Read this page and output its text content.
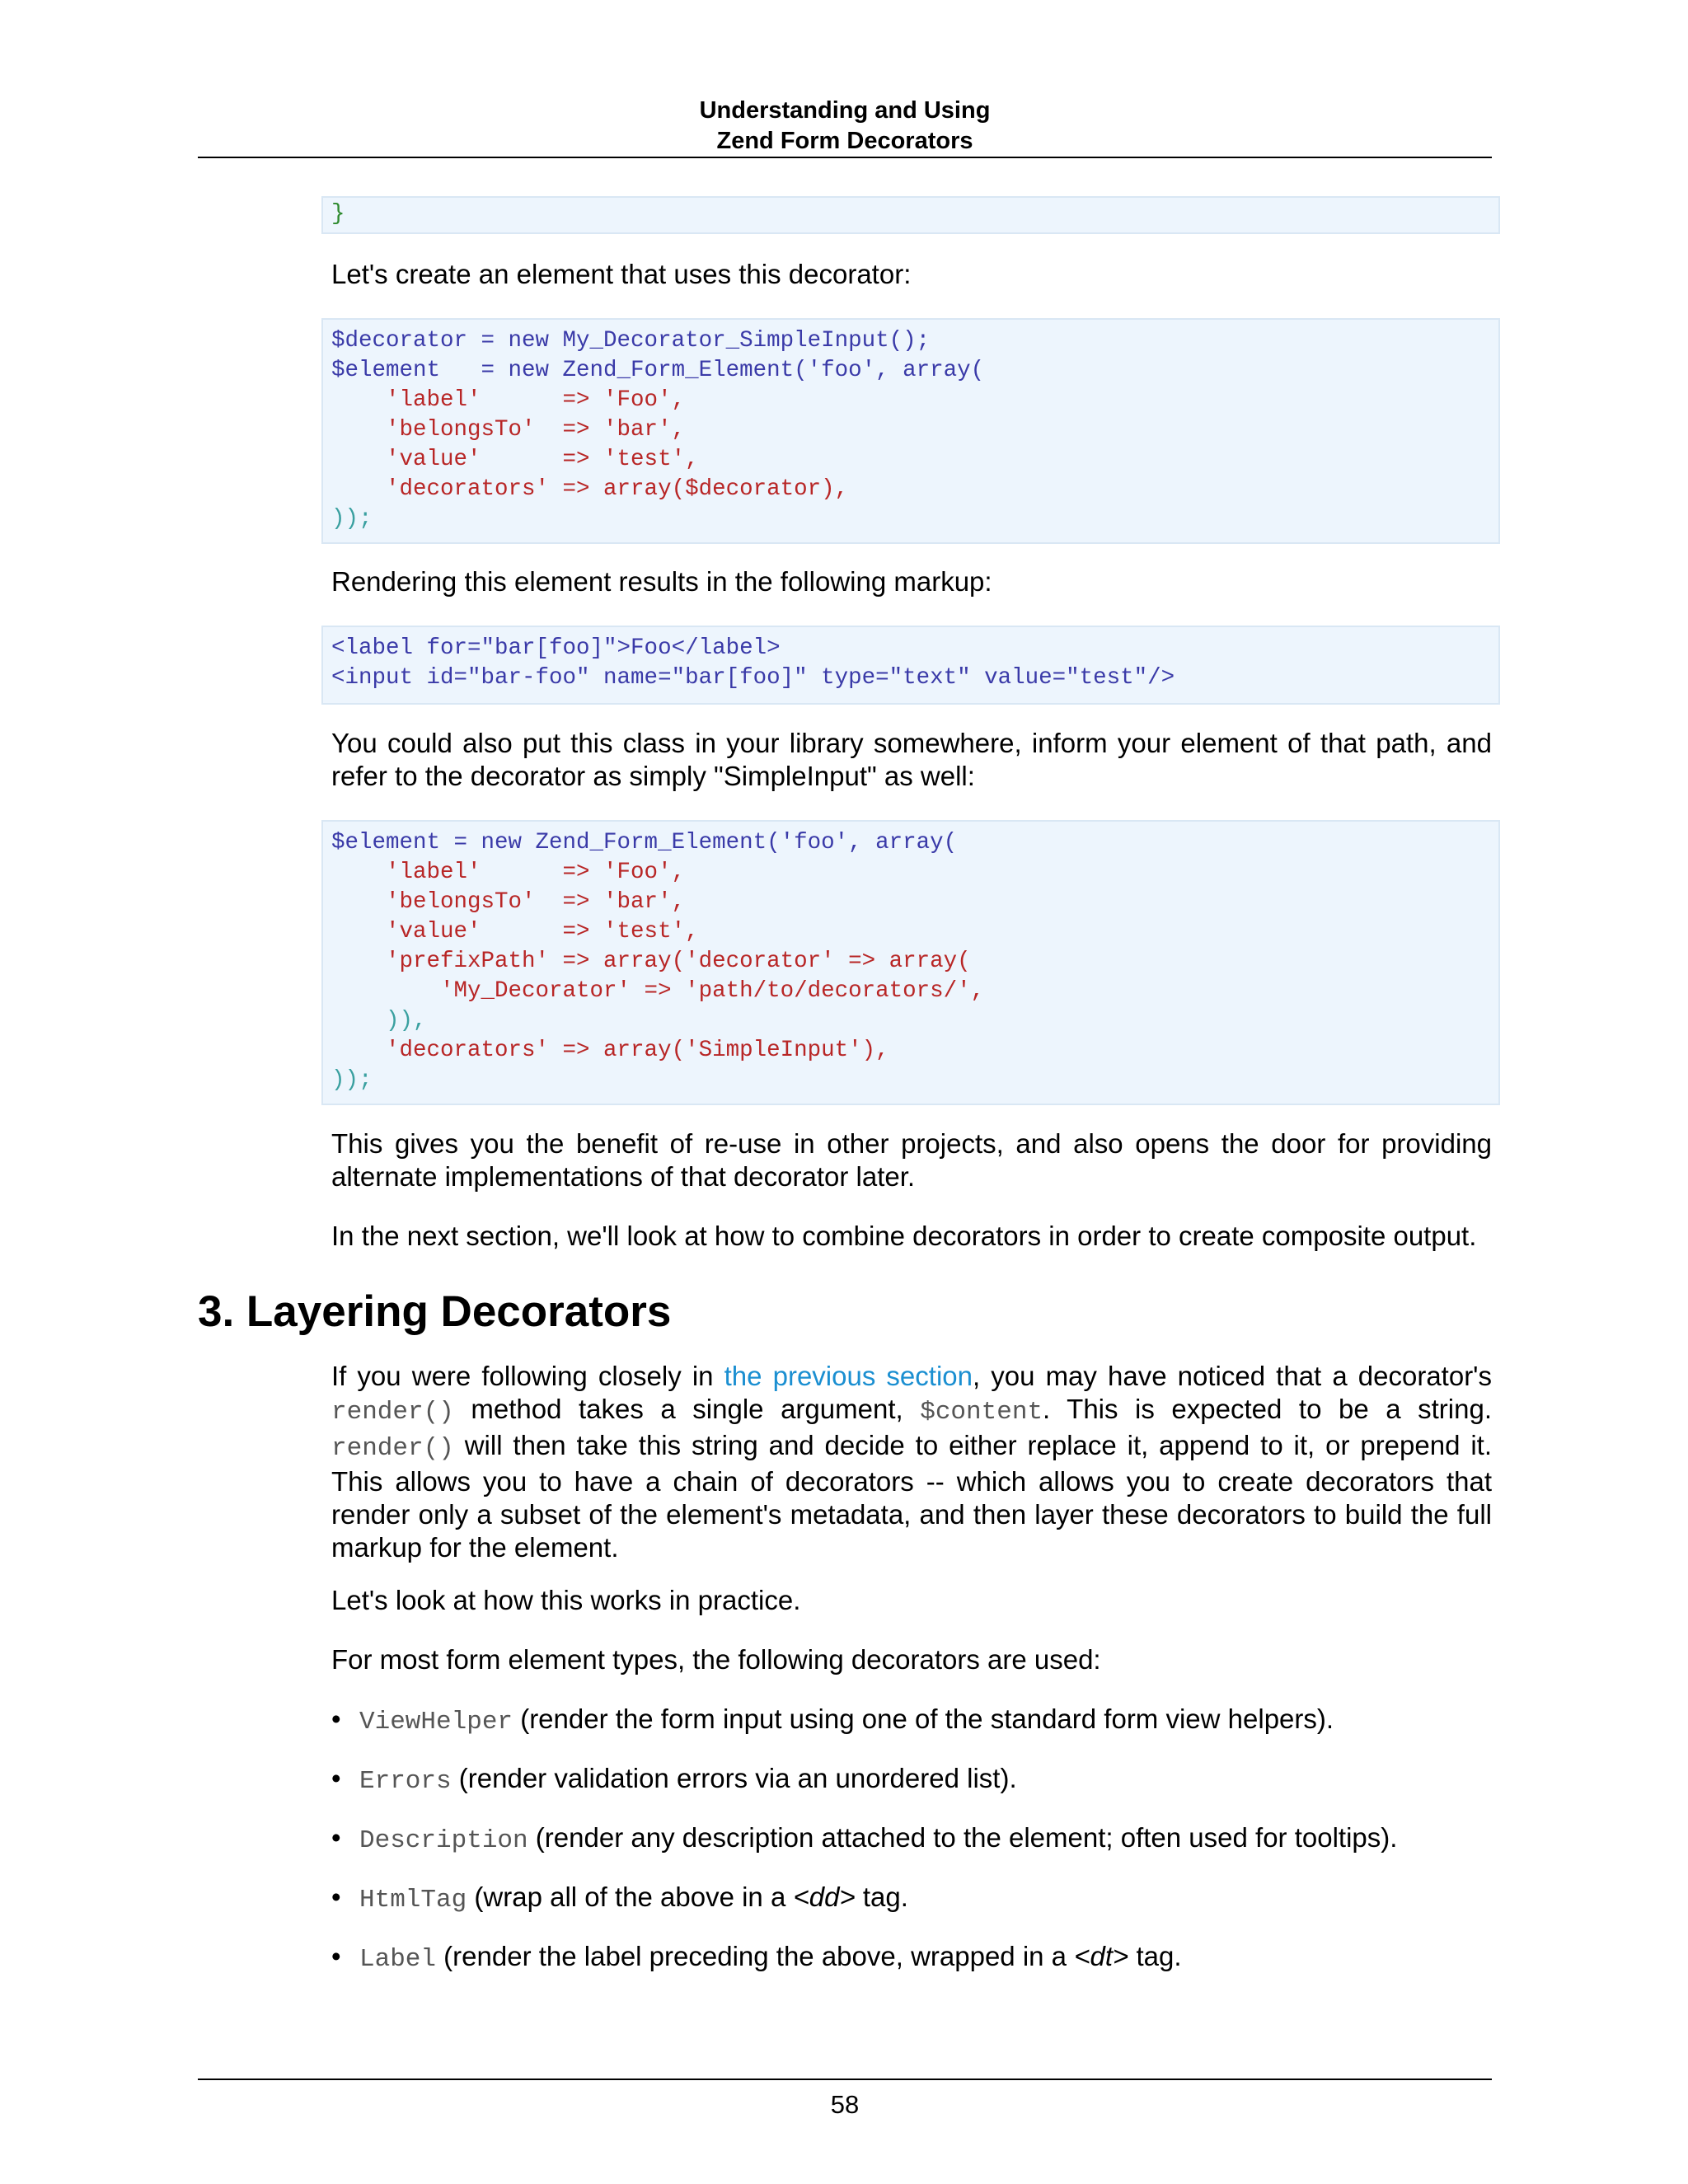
Understanding and Using
Zend Form Decorators
}

Let's create an element that uses this decorator:

$decorator = new My_Decorator_SimpleInput();
$element   = new Zend_Form_Element('foo', array(
'label'      => 'Foo',
'belongsTo'  => 'bar',
'value'      => 'test',
'decorators' => array($decorator),
));

Rendering this element results in the following markup:

<label for="bar[foo]">Foo</label>
<input id="bar-foo" name="bar[foo]" type="text" value="test"/>

You could also put this class in your library somewhere, inform your element of that path, and refer to the decorator as simply "SimpleInput" as well:

$element = new Zend_Form_Element('foo', array(
'label'      => 'Foo',
'belongsTo'  => 'bar',
'value'      => 'test',
'prefixPath' => array('decorator' => array(
'My_Decorator' => 'path/to/decorators/',
)),
'decorators' => array('SimpleInput'),
));

This gives you the benefit of re-use in other projects, and also opens the door for providing alternate implementations of that decorator later.

In the next section, we'll look at how to combine decorators in order to create composite output.

3. Layering Decorators

If you were following closely in the previous section, you may have noticed that a decorator's render() method takes a single argument, $content. This is expected to be a string. render() will then take this string and decide to either replace it, append to it, or prepend it. This allows you to have a chain of decorators -- which allows you to create decorators that render only a subset of the element's metadata, and then layer these decorators to build the full markup for the element.

Let's look at how this works in practice.

For most form element types, the following decorators are used:

• ViewHelper (render the form input using one of the standard form view helpers).
• Errors (render validation errors via an unordered list).
• Description (render any description attached to the element; often used for tooltips).
• HtmlTag (wrap all of the above in a <dd> tag.
• Label (render the label preceding the above, wrapped in a <dt> tag.
58
